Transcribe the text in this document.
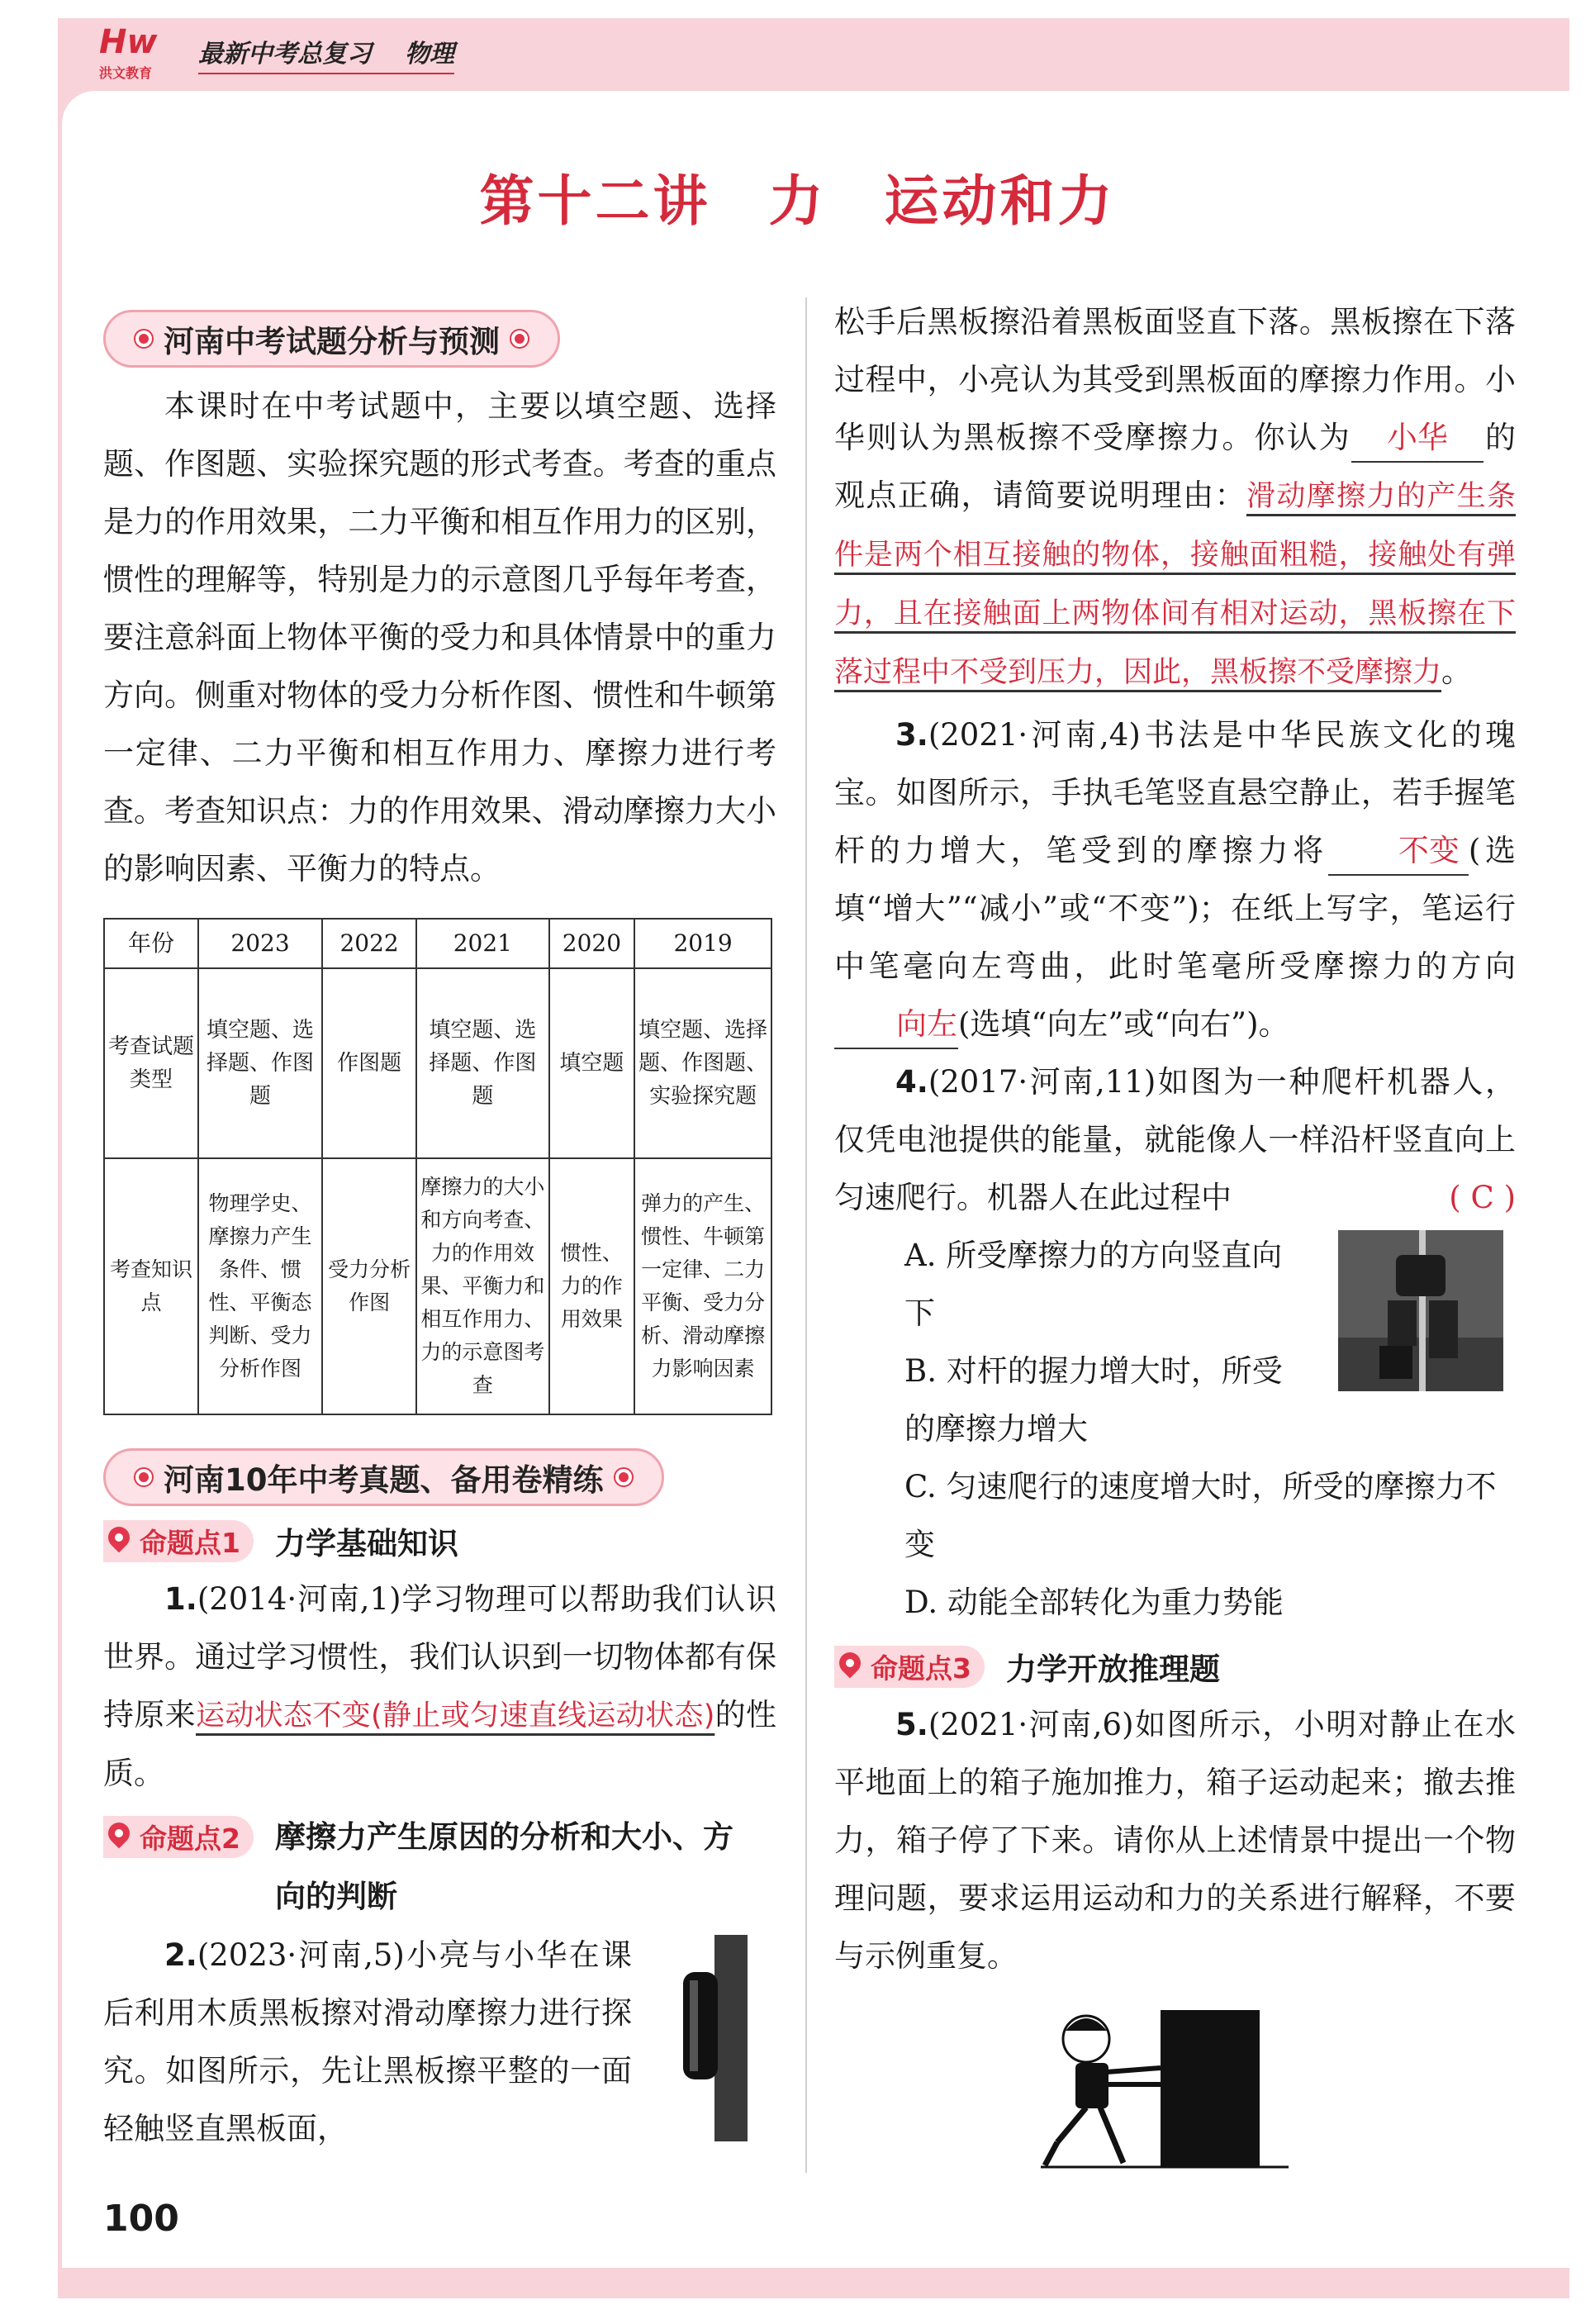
Hw
洪文教育
最新中考总复习 物理
第十二讲　力　运动和力
河南中考试题分析与预测

本课时在中考试题中，主要以填空题、选择题、作图题、实验探究题的形式考查。考查的重点是力的作用效果，二力平衡和相互作用力的区别，惯性的理解等，特别是力的示意图几乎每年考查，要注意斜面上物体平衡的受力和具体情景中的重力方向。侧重对物体的受力分析作图、惯性和牛顿第一定律、二力平衡和相互作用力、摩擦力进行考查。考查知识点：力的作用效果、滑动摩擦力大小的影响因素、平衡力的特点。

年份	2023	2022	2021	2020	2019
考查试题类型	填空题、选择题、作图题	作图题	填空题、选择题、作图题	填空题	填空题、选择题、作图题、实验探究题
考查知识点	物理学史、摩擦力产生条件、惯性、平衡态判断、受力分析作图	受力分析作图	摩擦力的大小和方向考查、力的作用效果、平衡力和相互作用力、力的示意图考查	惯性、力的作用效果	弹力的产生、惯性、牛顿第一定律、二力平衡、受力分析、滑动摩擦力影响因素
河南10年中考真题、备用卷精练
命题点1	力学基础知识

1.(2014·河南,1)学习物理可以帮助我们认识世界。通过学习惯性，我们认识到一切物体都有保持原来运动状态不变(静止或匀速直线运动状态)的性质。

命题点2	摩擦力产生原因的分析和大小、方向的判断

2.(2023·河南,5)小亮与小华在课后利用木质黑板擦对滑动摩擦力进行探究。如图所示，先让黑板擦平整的一面轻触竖直黑板面，

松手后黑板擦沿着黑板面竖直下落。黑板擦在下落过程中，小亮认为其受到黑板面的摩擦力作用。小华则认为黑板擦不受摩擦力。你认为 小华 的观点正确，请简要说明理由：滑动摩擦力的产生条件是两个相互接触的物体，接触面粗糙，接触处有弹力，且在接触面上两物体间有相对运动，黑板擦在下落过程中不受到压力，因此，黑板擦不受摩擦力。

3.(2021·河南,4)书法是中华民族文化的瑰宝。如图所示，手执毛笔竖直悬空静止，若手握笔杆的力增大，笔受到的摩擦力将 不变 (选填“增大”“减小”或“不变”)；在纸上写字，笔运行中笔毫向左弯曲，此时笔毫所受摩擦力的方向向左(选填“向左”或“向右”)。

4.(2017·河南,11)如图为一种爬杆机器人，仅凭电池提供的能量，就能像人一样沿杆竖直向上匀速爬行。机器人在此过程中	( C )

A. 所受摩擦力的方向竖直向下

B. 对杆的握力增大时，所受的摩擦力增大

C. 匀速爬行的速度增大时，所受的摩擦力不变

D. 动能全部转化为重力势能

命题点3	力学开放推理题

5.(2021·河南,6)如图所示，小明对静止在水平地面上的箱子施加推力，箱子运动起来；撤去推力，箱子停了下来。请你从上述情景中提出一个物理问题，要求运用运动和力的关系进行解释，不要与示例重复。

100
